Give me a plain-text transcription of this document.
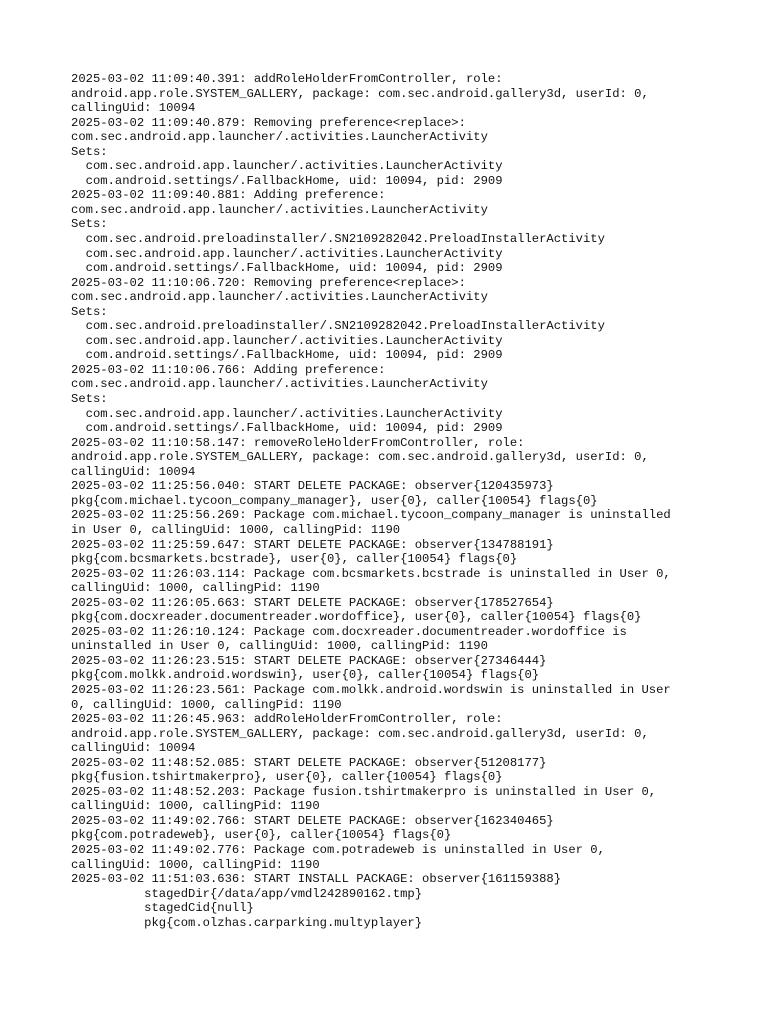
2025-03-02 11:09:40.391: addRoleHolderFromController, role:
android.app.role.SYSTEM_GALLERY, package: com.sec.android.gallery3d, userId: 0,
callingUid: 10094
2025-03-02 11:09:40.879: Removing preference<replace>:
com.sec.android.app.launcher/.activities.LauncherActivity
Sets:
com.sec.android.app.launcher/.activities.LauncherActivity
com.android.settings/.FallbackHome, uid: 10094, pid: 2909
2025-03-02 11:09:40.881: Adding preference:
com.sec.android.app.launcher/.activities.LauncherActivity
Sets:
com.sec.android.preloadinstaller/.SN2109282042.PreloadInstallerActivity
com.sec.android.app.launcher/.activities.LauncherActivity
com.android.settings/.FallbackHome, uid: 10094, pid: 2909
2025-03-02 11:10:06.720: Removing preference<replace>:
com.sec.android.app.launcher/.activities.LauncherActivity
Sets:
com.sec.android.preloadinstaller/.SN2109282042.PreloadInstallerActivity
com.sec.android.app.launcher/.activities.LauncherActivity
com.android.settings/.FallbackHome, uid: 10094, pid: 2909
2025-03-02 11:10:06.766: Adding preference:
com.sec.android.app.launcher/.activities.LauncherActivity
Sets:
com.sec.android.app.launcher/.activities.LauncherActivity
com.android.settings/.FallbackHome, uid: 10094, pid: 2909
2025-03-02 11:10:58.147: removeRoleHolderFromController, role:
android.app.role.SYSTEM_GALLERY, package: com.sec.android.gallery3d, userId: 0,
callingUid: 10094
2025-03-02 11:25:56.040: START DELETE PACKAGE: observer{120435973}
pkg{com.michael.tycoon_company_manager}, user{0}, caller{10054} flags{0}
2025-03-02 11:25:56.269: Package com.michael.tycoon_company_manager is uninstalled
in User 0, callingUid: 1000, callingPid: 1190
2025-03-02 11:25:59.647: START DELETE PACKAGE: observer{134788191}
pkg{com.bcsmarkets.bcstrade}, user{0}, caller{10054} flags{0}
2025-03-02 11:26:03.114: Package com.bcsmarkets.bcstrade is uninstalled in User 0,
callingUid: 1000, callingPid: 1190
2025-03-02 11:26:05.663: START DELETE PACKAGE: observer{178527654}
pkg{com.docxreader.documentreader.wordoffice}, user{0}, caller{10054} flags{0}
2025-03-02 11:26:10.124: Package com.docxreader.documentreader.wordoffice is
uninstalled in User 0, callingUid: 1000, callingPid: 1190
2025-03-02 11:26:23.515: START DELETE PACKAGE: observer{27346444}
pkg{com.molkk.android.wordswin}, user{0}, caller{10054} flags{0}
2025-03-02 11:26:23.561: Package com.molkk.android.wordswin is uninstalled in User
0, callingUid: 1000, callingPid: 1190
2025-03-02 11:26:45.963: addRoleHolderFromController, role:
android.app.role.SYSTEM_GALLERY, package: com.sec.android.gallery3d, userId: 0,
callingUid: 10094
2025-03-02 11:48:52.085: START DELETE PACKAGE: observer{51208177}
pkg{fusion.tshirtmakerpro}, user{0}, caller{10054} flags{0}
2025-03-02 11:48:52.203: Package fusion.tshirtmakerpro is uninstalled in User 0,
callingUid: 1000, callingPid: 1190
2025-03-02 11:49:02.766: START DELETE PACKAGE: observer{162340465}
pkg{com.potradeweb}, user{0}, caller{10054} flags{0}
2025-03-02 11:49:02.776: Package com.potradeweb is uninstalled in User 0,
callingUid: 1000, callingPid: 1190
2025-03-02 11:51:03.636: START INSTALL PACKAGE: observer{161159388}
stagedDir{/data/app/vmdl242890162.tmp}
stagedCid{null}
pkg{com.olzhas.carparking.multyplayer}
